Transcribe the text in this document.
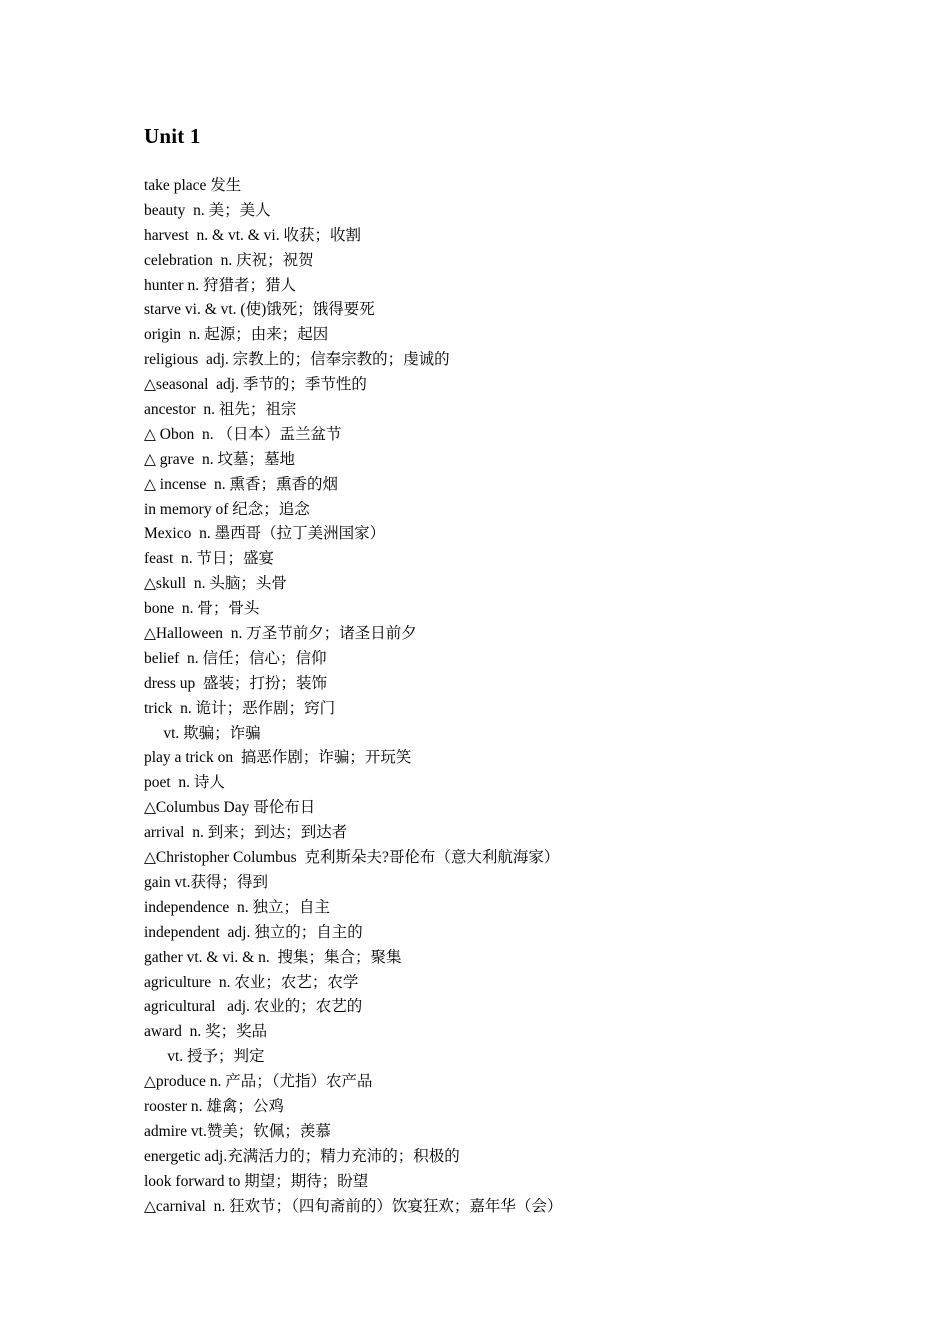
Unit 1
take place 发生
beauty  n. 美；美人
harvest  n. & vt. & vi. 收获；收割
celebration  n. 庆祝；祝贺
hunter n. 狩猎者；猎人
starve vi. & vt. (使)饿死；饿得要死
origin  n. 起源；由来；起因
religious  adj. 宗教上的；信奉宗教的；虔诚的
△seasonal  adj. 季节的；季节性的
ancestor  n. 祖先；祖宗
△ Obon  n. （日本）盂兰盆节
△ grave  n. 坟墓；墓地
△ incense  n. 熏香；熏香的烟
in memory of 纪念；追念
Mexico  n. 墨西哥（拉丁美洲国家）
feast  n. 节日；盛宴
△skull  n. 头脑；头骨
bone  n. 骨；骨头
△Halloween  n. 万圣节前夕；诸圣日前夕
belief  n. 信任；信心；信仰
dress up  盛装；打扮；装饰
trick  n. 诡计；恶作剧；窍门
vt. 欺骗；诈骗
play a trick on  搞恶作剧；诈骗；开玩笑
poet  n. 诗人
△Columbus Day 哥伦布日
arrival  n. 到来；到达；到达者
△Christopher Columbus  克利斯朵夫?哥伦布（意大利航海家）
gain vt.获得；得到
independence  n. 独立；自主
independent  adj. 独立的；自主的
gather vt. & vi. & n.  搜集；集合；聚集
agriculture  n. 农业；农艺；农学
agricultural   adj. 农业的；农艺的
award  n. 奖；奖品
vt. 授予；判定
△produce n. 产品；（尤指）农产品
rooster n. 雄禽；公鸡
admire vt.赞美；钦佩；羡慕
energetic adj.充满活力的；精力充沛的；积极的
look forward to 期望；期待；盼望
△carnival  n. 狂欢节；（四旬斋前的）饮宴狂欢；嘉年华（会）
